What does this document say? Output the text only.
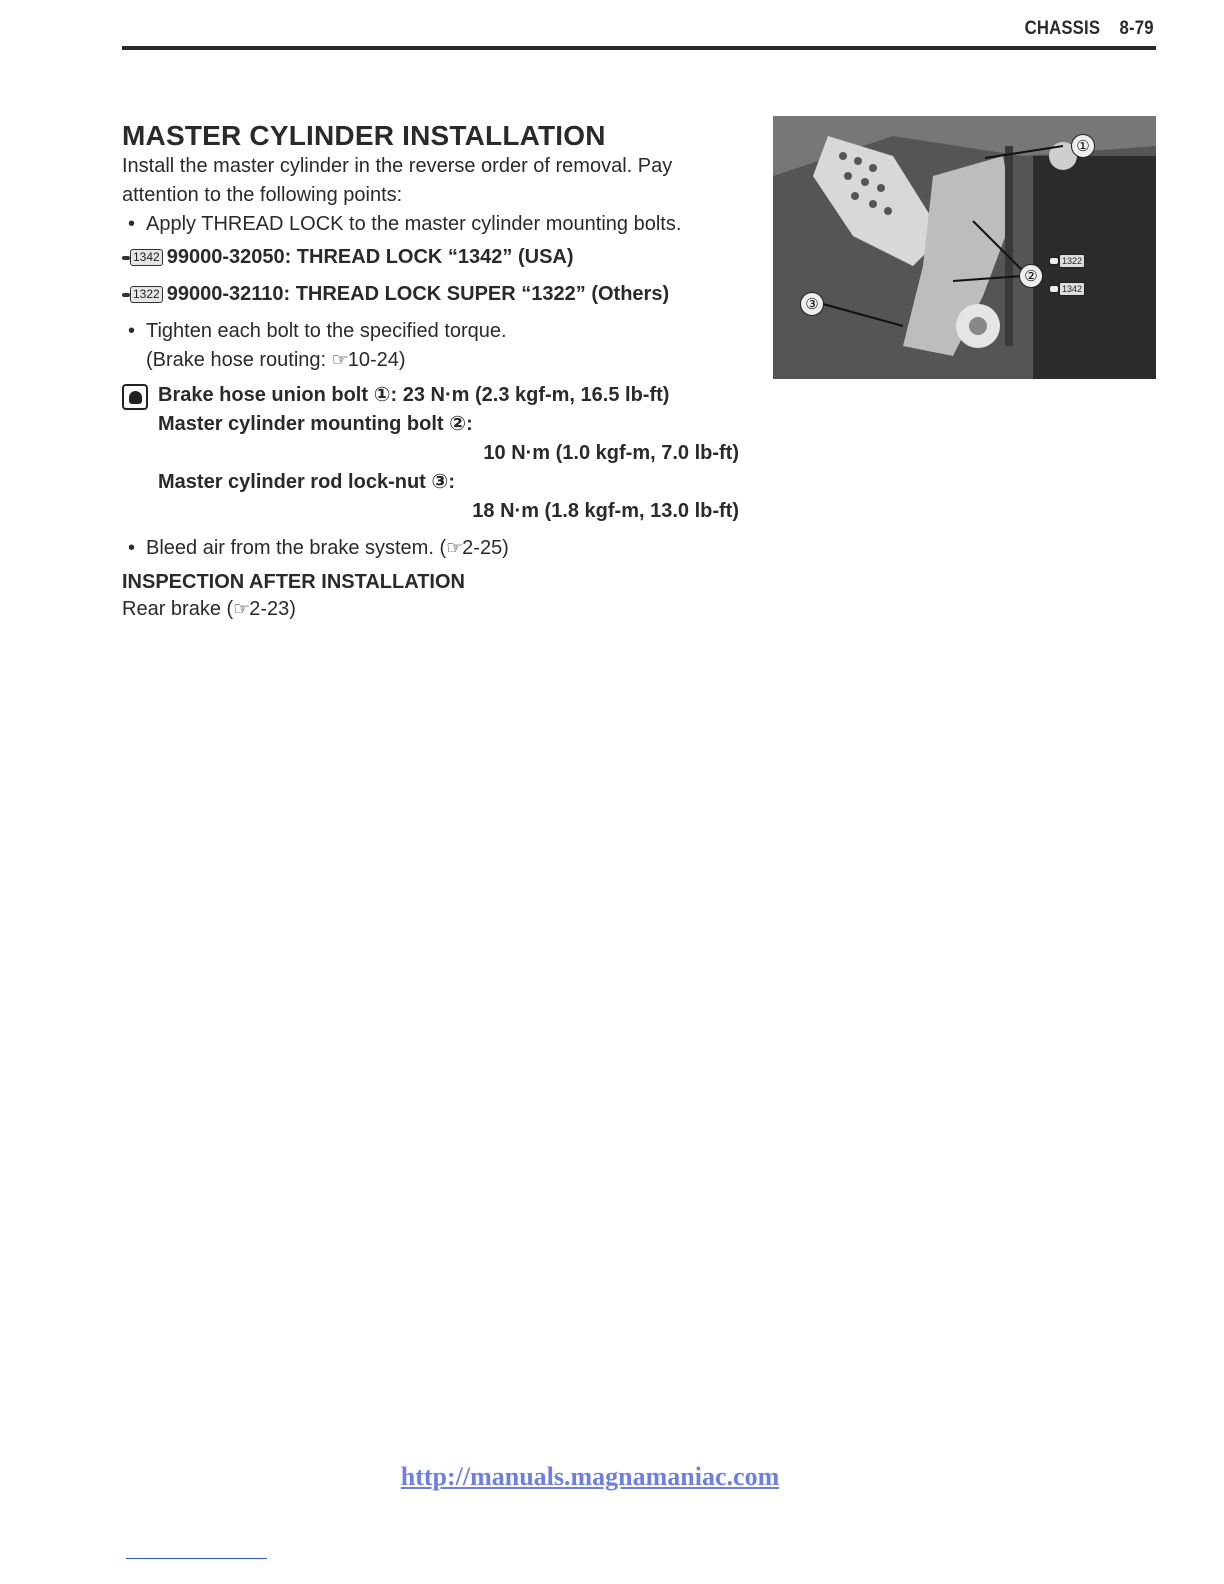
CHASSIS 8-79
MASTER CYLINDER INSTALLATION

Install the master cylinder in the reverse order of removal. Pay attention to the following points:

• Apply THREAD LOCK to the master cylinder mounting bolts.
1342 99000-32050: THREAD LOCK “1342” (USA)
1322 99000-32110: THREAD LOCK SUPER “1322” (Others)
• Tighten each bolt to the specified torque.
(Brake hose routing: ☞10-24)
Brake hose union bolt ①: 23 N·m (2.3 kgf-m, 16.5 lb-ft)
Master cylinder mounting bolt ②:
10 N·m (1.0 kgf-m, 7.0 lb-ft)
Master cylinder rod lock-nut ③:
18 N·m (1.8 kgf-m, 13.0 lb-ft)
• Bleed air from the brake system. (☞2-25)
INSPECTION AFTER INSTALLATION
Rear brake (☞2-23)
①
②
③
1322
1342
http://manuals.magnamaniac.com
